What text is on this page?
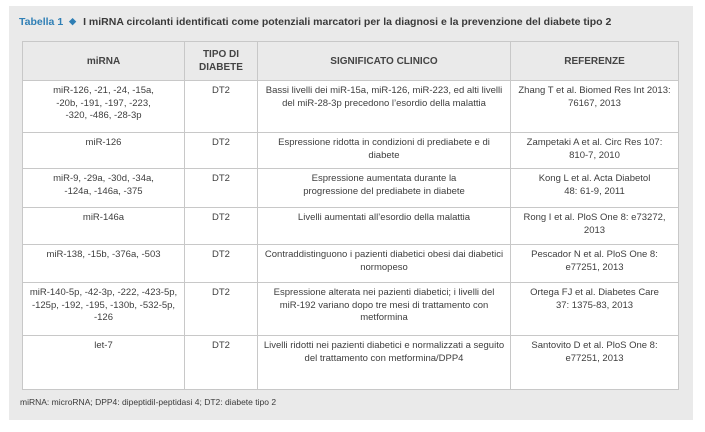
Tabella 1 ◆ I miRNA circolanti identificati come potenziali marcatori per la diagnosi e la prevenzione del diabete tipo 2
miRNA	TIPO DI DIABETE	SIGNIFICATO CLINICO	REFERENZE
miR-126, -21, -24, -15a, -20b, -191, -197, -223, -320, -486, -28-3p	DT2	Bassi livelli dei miR-15a, miR-126, miR-223, ed alti livelli del miR-28-3p precedono l’esordio della malattia	Zhang T et al. Biomed Res Int 2013: 76167, 2013
miR-126	DT2	Espressione ridotta in condizioni di prediabete e di diabete	Zampetaki A et al. Circ Res 107: 810-7, 2010
miR-9, -29a, -30d, -34a, -124a, -146a, -375	DT2	Espressione aumentata durante la progressione del prediabete in diabete	Kong L et al. Acta Diabetol 48: 61-9, 2011
miR-146a	DT2	Livelli aumentati all’esordio della malattia	Rong I et al. PloS One 8: e73272, 2013
miR-138, -15b, -376a, -503	DT2	Contraddistinguono i pazienti diabetici obesi dai diabetici normopeso	Pescador N et al. PloS One 8: e77251, 2013
miR-140-5p, -42-3p, -222, -423-5p, -125p, -192, -195, -130b, -532-5p, -126	DT2	Espressione alterata nei pazienti diabetici; i livelli del miR-192 variano dopo tre mesi di trattamento con metformina	Ortega FJ et al. Diabetes Care 37: 1375-83, 2013
let-7	DT2	Livelli ridotti nei pazienti diabetici e normalizzati a seguito del trattamento con metformina/DPP4	Santovito D et al. PloS One 8: e77251, 2013
miRNA: microRNA; DPP4: dipeptidil-peptidasi 4; DT2: diabete tipo 2
